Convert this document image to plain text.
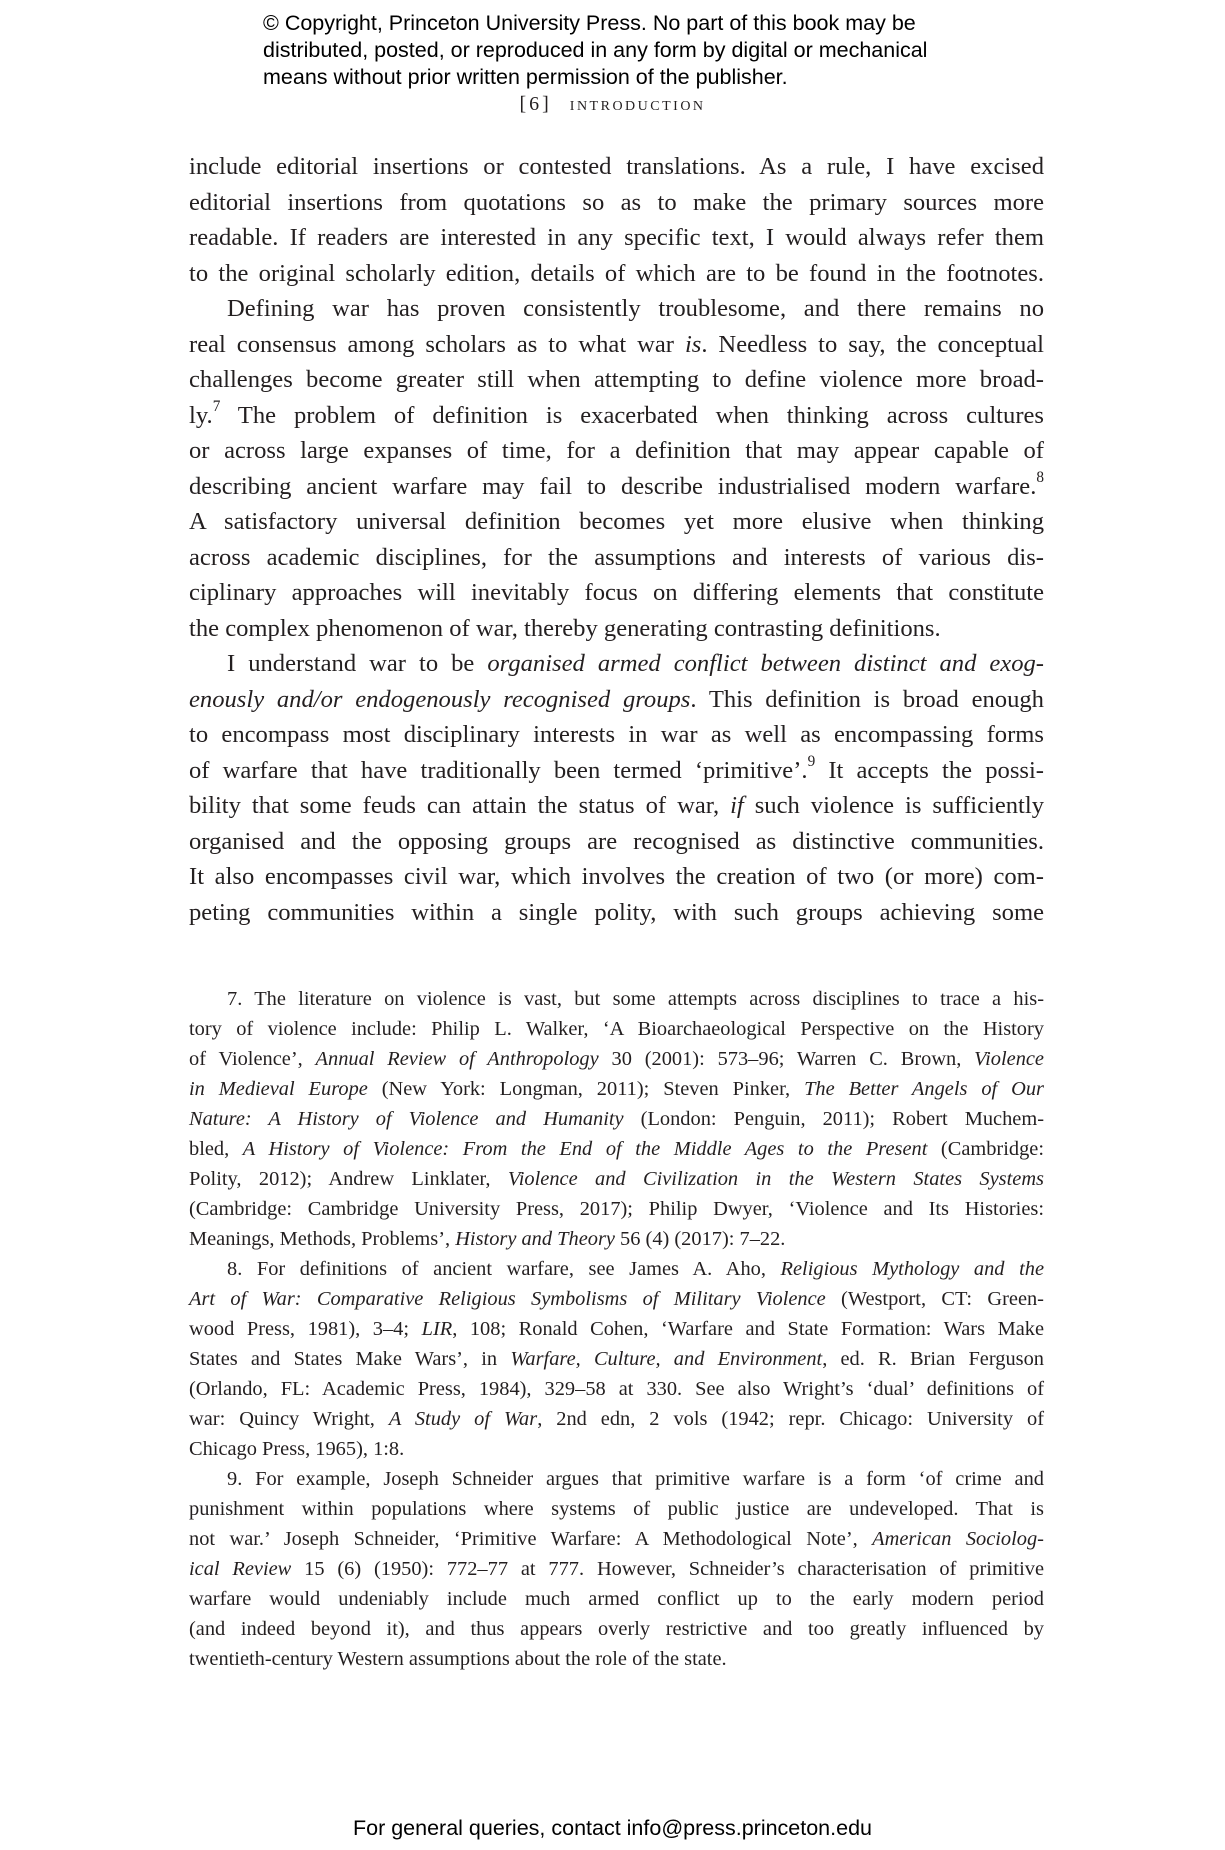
© Copyright, Princeton University Press. No part of this book may be
distributed, posted, or reproduced in any form by digital or mechanical
means without prior written permission of the publisher.
[6] introduction

include editorial insertions or contested translations. As a rule, I have excised
editorial insertions from quotations so as to make the primary sources more
readable. If readers are interested in any specific text, I would always refer them
to the original scholarly edition, details of which are to be found in the footnotes.

Defining war has proven consistently troublesome, and there remains no
real consensus among scholars as to what war is. Needless to say, the conceptual
challenges become greater still when attempting to define violence more broad-
ly.$^7$ The problem of definition is exacerbated when thinking across cultures
or across large expanses of time, for a definition that may appear capable of
describing ancient warfare may fail to describe industrialised modern warfare.$^8$
A satisfactory universal definition becomes yet more elusive when thinking
across academic disciplines, for the assumptions and interests of various dis-
ciplinary approaches will inevitably focus on differing elements that constitute
the complex phenomenon of war, thereby generating contrasting definitions.

I understand war to be organised armed conflict between distinct and exog-
enously and/or endogenously recognised groups. This definition is broad enough
to encompass most disciplinary interests in war as well as encompassing forms
of warfare that have traditionally been termed ‘primitive’.$^9$ It accepts the possi-
bility that some feuds can attain the status of war, if such violence is sufficiently
organised and the opposing groups are recognised as distinctive communities.
It also encompasses civil war, which involves the creation of two (or more) com-
peting communities within a single polity, with such groups achieving some

7. The literature on violence is vast, but some attempts across disciplines to trace a his-
tory of violence include: Philip L. Walker, ‘A Bioarchaeological Perspective on the History
of Violence’, Annual Review of Anthropology 30 (2001): 573–96; Warren C. Brown, Violence
in Medieval Europe (New York: Longman, 2011); Steven Pinker, The Better Angels of Our
Nature: A History of Violence and Humanity (London: Penguin, 2011); Robert Muchem-
bled, A History of Violence: From the End of the Middle Ages to the Present (Cambridge:
Polity, 2012); Andrew Linklater, Violence and Civilization in the Western States Systems
(Cambridge: Cambridge University Press, 2017); Philip Dwyer, ‘Violence and Its Histories:
Meanings, Methods, Problems’, History and Theory 56 (4) (2017): 7–22.
8. For definitions of ancient warfare, see James A. Aho, Religious Mythology and the
Art of War: Comparative Religious Symbolisms of Military Violence (Westport, CT: Green-
wood Press, 1981), 3–4; LIR, 108; Ronald Cohen, ‘Warfare and State Formation: Wars Make
States and States Make Wars’, in Warfare, Culture, and Environment, ed. R. Brian Ferguson
(Orlando, FL: Academic Press, 1984), 329–58 at 330. See also Wright’s ‘dual’ definitions of
war: Quincy Wright, A Study of War, 2nd edn, 2 vols (1942; repr. Chicago: University of
Chicago Press, 1965), 1:8.
9. For example, Joseph Schneider argues that primitive warfare is a form ‘of crime and
punishment within populations where systems of public justice are undeveloped. That is
not war.’ Joseph Schneider, ‘Primitive Warfare: A Methodological Note’, American Sociolog-
ical Review 15 (6) (1950): 772–77 at 777. However, Schneider’s characterisation of primitive
warfare would undeniably include much armed conflict up to the early modern period
(and indeed beyond it), and thus appears overly restrictive and too greatly influenced by
twentieth-century Western assumptions about the role of the state.
For general queries, contact info@press.princeton.edu
